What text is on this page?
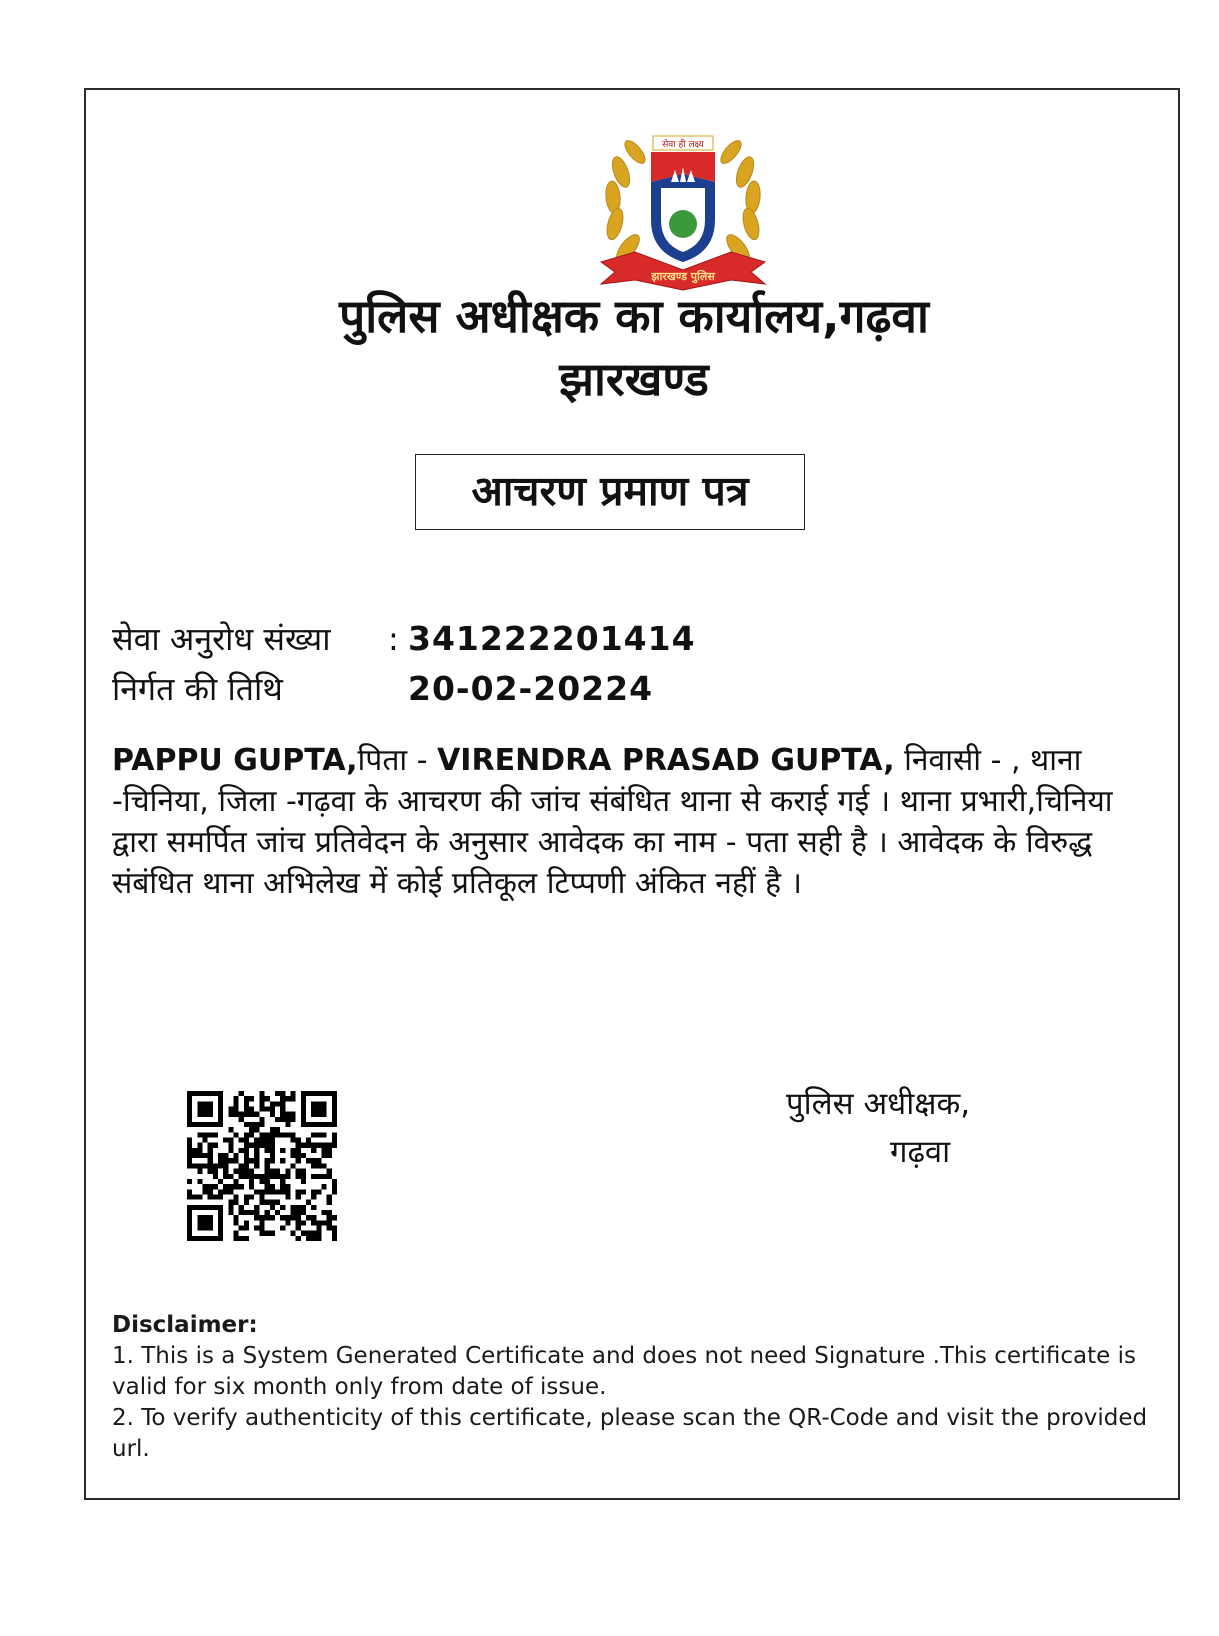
सेवा ही लक्ष्य
झारखण्ड पुलिस
पुलिस अधीक्षक का कार्यालय,गढ़वा
झारखण्ड
आचरण प्रमाण पत्र
सेवा अनुरोध संख्या : 341222201414
निर्गत की तिथि	20-02-20224
PAPPU GUPTA,पिता - VIRENDRA PRASAD GUPTA, निवासी - , थाना -चिनिया, जिला -गढ़वा के आचरण की जांच संबंधित थाना से कराई गई । थाना प्रभारी,चिनिया द्वारा समर्पित जांच प्रतिवेदन के अनुसार आवेदक का नाम - पता सही है । आवेदक के विरुद्ध संबंधित थाना अभिलेख में कोई प्रतिकूल टिप्पणी अंकित नहीं है ।
पुलिस अधीक्षक,
गढ़वा
Disclaimer:
1. This is a System Generated Certificate and does not need Signature .This certificate is valid for six month only from date of issue.
2. To verify authenticity of this certificate, please scan the QR-Code and visit the provided url.
